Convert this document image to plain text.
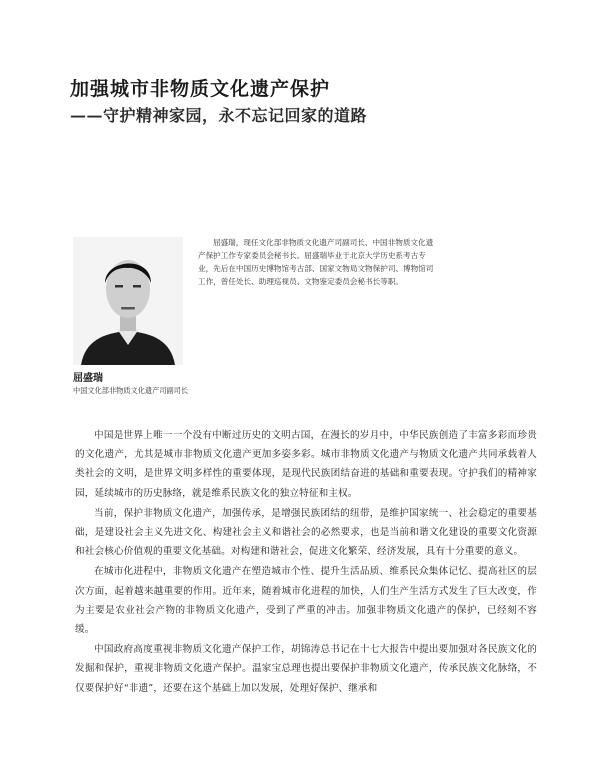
加强城市非物质文化遗产保护
——守护精神家园，永不忘记回家的道路

屈盛瑞，现任文化部非物质文化遗产司副司长、中国非物质文化遗产保护工作专家委员会秘书长。屈盛瑞毕业于北京大学历史系考古专业，先后在中国历史博物馆考古部、国家文物局文物保护司、博物馆司工作，曾任处长、助理巡视员、文物鉴定委员会秘书长等职。

屈盛瑞

中国文化部非物质文化遗产司副司长

中国是世界上唯一一个没有中断过历史的文明古国，在漫长的岁月中，中华民族创造了丰富多彩而珍贵的文化遗产，尤其是城市非物质文化遗产更加多姿多彩。城市非物质文化遗产与物质文化遗产共同承载着人类社会的文明，是世界文明多样性的重要体现，是现代民族团结奋进的基础和重要表现。守护我们的精神家园，延续城市的历史脉络，就是维系民族文化的独立特征和主权。

当前，保护非物质文化遗产，加强传承，是增强民族团结的纽带，是维护国家统一、社会稳定的重要基础，是建设社会主义先进文化、构建社会主义和谐社会的必然要求，也是当前和谐文化建设的重要文化资源和社会核心价值观的重要文化基础。对构建和谐社会，促进文化繁荣、经济发展，具有十分重要的意义。

在城市化进程中，非物质文化遗产在塑造城市个性、提升生活品质、维系民众集体记忆、提高社区的层次方面，起着越来越重要的作用。近年来，随着城市化进程的加快，人们生产生活方式发生了巨大改变，作为主要是农业社会产物的非物质文化遗产，受到了严重的冲击。加强非物质文化遗产的保护，已经刻不容缓。

中国政府高度重视非物质文化遗产保护工作，胡锦涛总书记在十七大报告中提出要加强对各民族文化的发掘和保护，重视非物质文化遗产保护。温家宝总理也提出要保护非物质文化遗产，传承民族文化脉络，不仅要保护好“非遗”，还要在这个基础上加以发展，处理好保护、继承和
